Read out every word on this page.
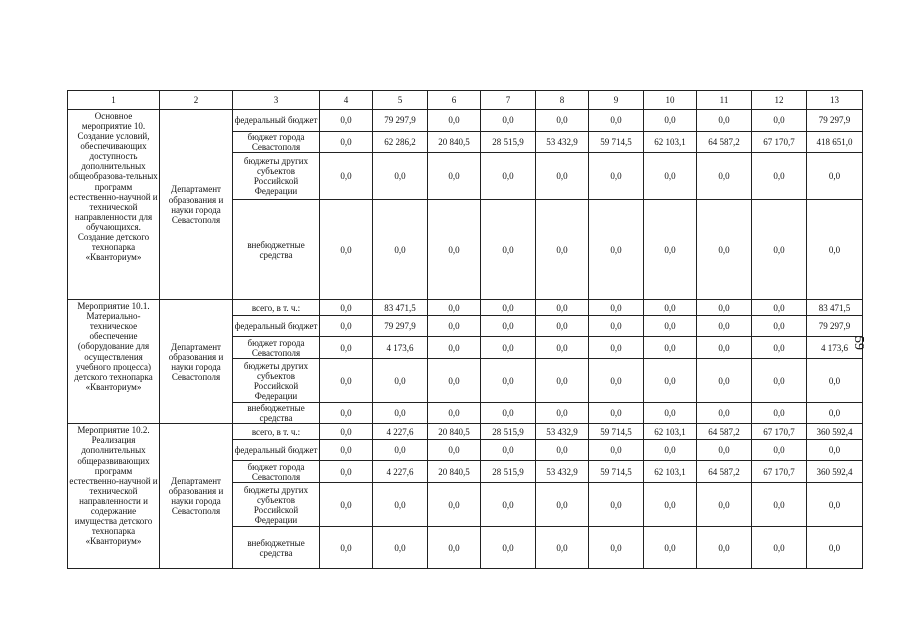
1	2	3	4	5	6	7	8	9	10	11	12	13
Основное мероприятие 10. Создание условий, обеспечивающих доступность дополнительных общеобразова-тельных программ естественно-научной и технической направленности для обучающихся. Создание детского технопарка «Кванториум»	Департамент образования и науки города Севастополя	федеральный бюджет	0,0	79 297,9	0,0	0,0	0,0	0,0	0,0	0,0	0,0	79 297,9
		бюджет города Севастополя	0,0	62 286,2	20 840,5	28 515,9	53 432,9	59 714,5	62 103,1	64 587,2	67 170,7	418 651,0
		бюджеты других субъектов Российской Федерации	0,0	0,0	0,0	0,0	0,0	0,0	0,0	0,0	0,0	0,0
		внебюджетные средства	0,0	0,0	0,0	0,0	0,0	0,0	0,0	0,0	0,0	0,0
Мероприятие 10.1. Материально-техническое обеспечение (оборудование для осуществления учебного процесса) детского технопарка «Кванториум»	Департамент образования и науки города Севастополя	всего, в т. ч.:	0,0	83 471,5	0,0	0,0	0,0	0,0	0,0	0,0	0,0	83 471,5
		федеральный бюджет	0,0	79 297,9	0,0	0,0	0,0	0,0	0,0	0,0	0,0	79 297,9
		бюджет города Севастополя	0,0	4 173,6	0,0	0,0	0,0	0,0	0,0	0,0	0,0	4 173,6
		бюджеты других субъектов Российской Федерации	0,0	0,0	0,0	0,0	0,0	0,0	0,0	0,0	0,0	0,0
		внебюджетные средства	0,0	0,0	0,0	0,0	0,0	0,0	0,0	0,0	0,0	0,0
Мероприятие 10.2. Реализация дополнительных общеразвивающих программ естественно-научной и технической направленности и содержание имущества детского технопарка «Кванториум»	Департамент образования и науки города Севастополя	всего, в т. ч.:	0,0	4 227,6	20 840,5	28 515,9	53 432,9	59 714,5	62 103,1	64 587,2	67 170,7	360 592,4
		федеральный бюджет	0,0	0,0	0,0	0,0	0,0	0,0	0,0	0,0	0,0	0,0
		бюджет города Севастополя	0,0	4 227,6	20 840,5	28 515,9	53 432,9	59 714,5	62 103,1	64 587,2	67 170,7	360 592,4
		бюджеты других субъектов Российской Федерации	0,0	0,0	0,0	0,0	0,0	0,0	0,0	0,0	0,0	0,0
		внебюджетные средства	0,0	0,0	0,0	0,0	0,0	0,0	0,0	0,0	0,0	0,0
59
